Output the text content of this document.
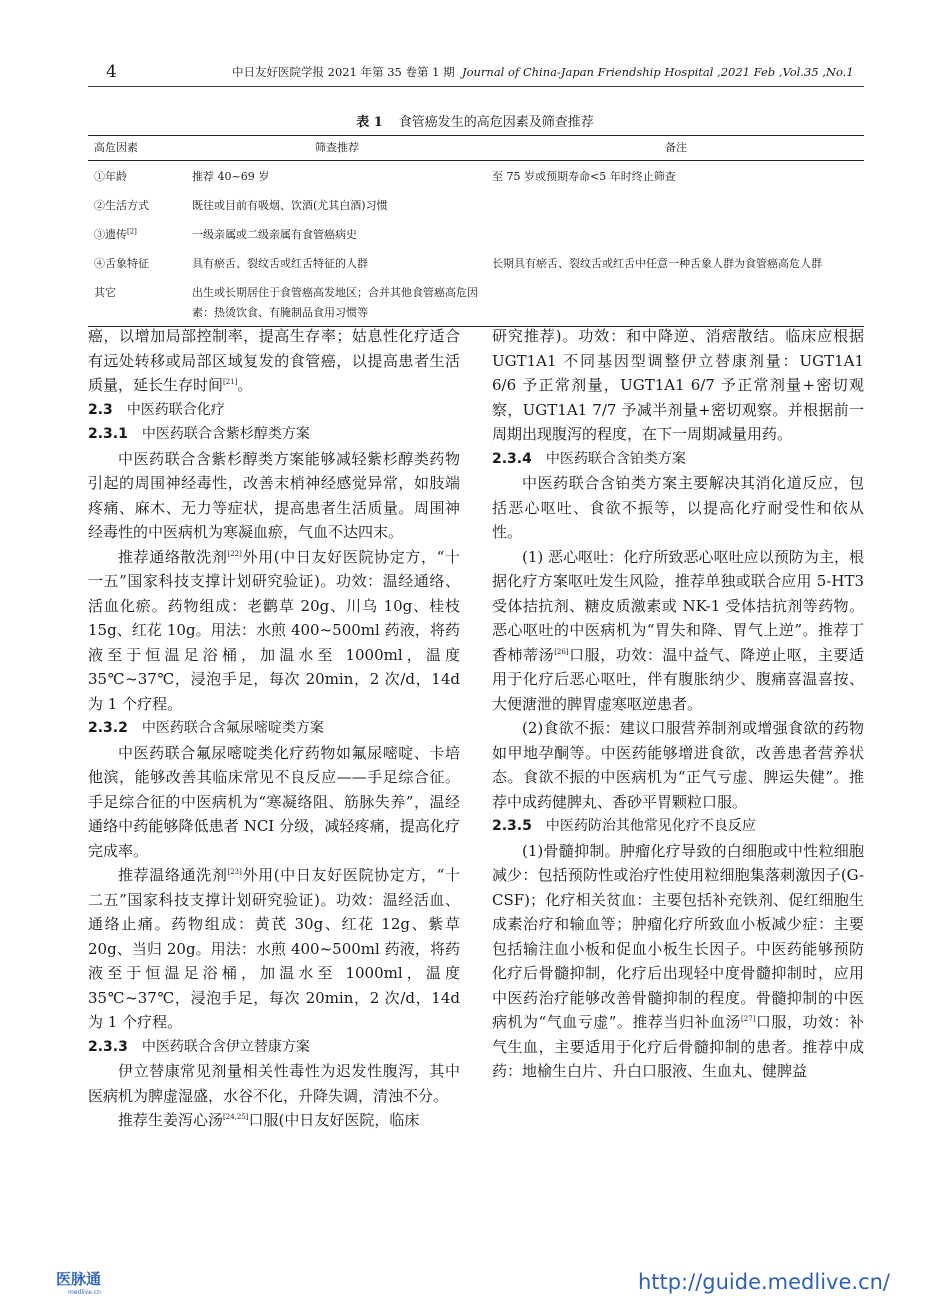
4	中日友好医院学报 2021 年第 35 卷第 1 期 Journal of China-Japan Friendship Hospital ,2021 Feb ,Vol.35 ,No.1
表 1 食管癌发生的高危因素及筛查推荐
高危因素	筛查推荐	备注
①年龄	推荐 40~69 岁	至 75 岁或预期寿命<5 年时终止筛查
②生活方式	既往或目前有吸烟、饮酒(尤其白酒)习惯	
③遗传[2]	一级亲属或二级亲属有食管癌病史	
④舌象特征	具有瘀舌、裂纹舌或红舌特征的人群	长期具有瘀舌、裂纹舌或红舌中任意一种舌象人群为食管癌高危人群
其它	出生或长期居住于食管癌高发地区；合并其他食管癌高危因素：热烫饮食、有腌制品食用习惯等	

癌，以增加局部控制率，提高生存率；姑息性化疗适合有远处转移或局部区域复发的食管癌，以提高患者生活质量，延长生存时间[21]。

2.3 中医药联合化疗

2.3.1 中医药联合含紫杉醇类方案

中医药联合含紫杉醇类方案能够减轻紫杉醇类药物引起的周围神经毒性，改善末梢神经感觉异常，如肢端疼痛、麻木、无力等症状，提高患者生活质量。周围神经毒性的中医病机为寒凝血瘀，气血不达四末。

推荐通络散洗剂[22]外用(中日友好医院协定方，“十一五”国家科技支撑计划研究验证)。功效：温经通络、活血化瘀。药物组成：老鹳草 20g、川乌 10g、桂枝 15g、红花 10g。用法：水煎 400~500ml 药液，将药液至于恒温足浴桶，加温水至 1000ml，温度 35℃~37℃，浸泡手足，每次 20min，2 次/d，14d 为 1 个疗程。

2.3.2 中医药联合含氟尿嘧啶类方案

中医药联合氟尿嘧啶类化疗药物如氟尿嘧啶、卡培他滨，能够改善其临床常见不良反应——手足综合征。手足综合征的中医病机为“寒凝络阻、筋脉失养”，温经通络中药能够降低患者 NCI 分级，减轻疼痛，提高化疗完成率。

推荐温络通洗剂[23]外用(中日友好医院协定方，“十二五”国家科技支撑计划研究验证)。功效：温经活血、通络止痛。药物组成：黄芪 30g、红花 12g、紫草 20g、当归 20g。用法：水煎 400~500ml 药液，将药液至于恒温足浴桶，加温水至 1000ml，温度 35℃~37℃，浸泡手足，每次 20min，2 次/d，14d 为 1 个疗程。

2.3.3 中医药联合含伊立替康方案

伊立替康常见剂量相关性毒性为迟发性腹泻，其中医病机为脾虚湿盛，水谷不化，升降失调，清浊不分。

推荐生姜泻心汤[24,25]口服(中日友好医院，临床

研究推荐)。功效：和中降逆、消痞散结。临床应根据 UGT1A1 不同基因型调整伊立替康剂量：UGT1A1 6/6 予正常剂量，UGT1A1 6/7 予正常剂量+密切观察，UGT1A1 7/7 予减半剂量+密切观察。并根据前一周期出现腹泻的程度，在下一周期减量用药。

2.3.4 中医药联合含铂类方案

中医药联合含铂类方案主要解决其消化道反应，包括恶心呕吐、食欲不振等，以提高化疗耐受性和依从性。

(1) 恶心呕吐：化疗所致恶心呕吐应以预防为主，根据化疗方案呕吐发生风险，推荐单独或联合应用 5-HT3 受体拮抗剂、糖皮质激素或 NK-1 受体拮抗剂等药物。恶心呕吐的中医病机为“胃失和降、胃气上逆”。推荐丁香柿蒂汤[26]口服，功效：温中益气、降逆止呕，主要适用于化疗后恶心呕吐，伴有腹胀纳少、腹痛喜温喜按、大便溏泄的脾胃虚寒呕逆患者。

(2)食欲不振：建议口服营养制剂或增强食欲的药物如甲地孕酮等。中医药能够增进食欲，改善患者营养状态。食欲不振的中医病机为“正气亏虚、脾运失健”。推荐中成药健脾丸、香砂平胃颗粒口服。

2.3.5 中医药防治其他常见化疗不良反应

(1)骨髓抑制。肿瘤化疗导致的白细胞或中性粒细胞减少：包括预防性或治疗性使用粒细胞集落刺激因子(G-CSF)；化疗相关贫血：主要包括补充铁剂、促红细胞生成素治疗和输血等；肿瘤化疗所致血小板减少症：主要包括输注血小板和促血小板生长因子。中医药能够预防化疗后骨髓抑制，化疗后出现轻中度骨髓抑制时，应用中医药治疗能够改善骨髓抑制的程度。骨髓抑制的中医病机为“气血亏虚”。推荐当归补血汤[27]口服，功效：补气生血，主要适用于化疗后骨髓抑制的患者。推荐中成药：地榆生白片、升白口服液、生血丸、健脾益

医脉通
medlive.cn	http://guide.medlive.cn/
